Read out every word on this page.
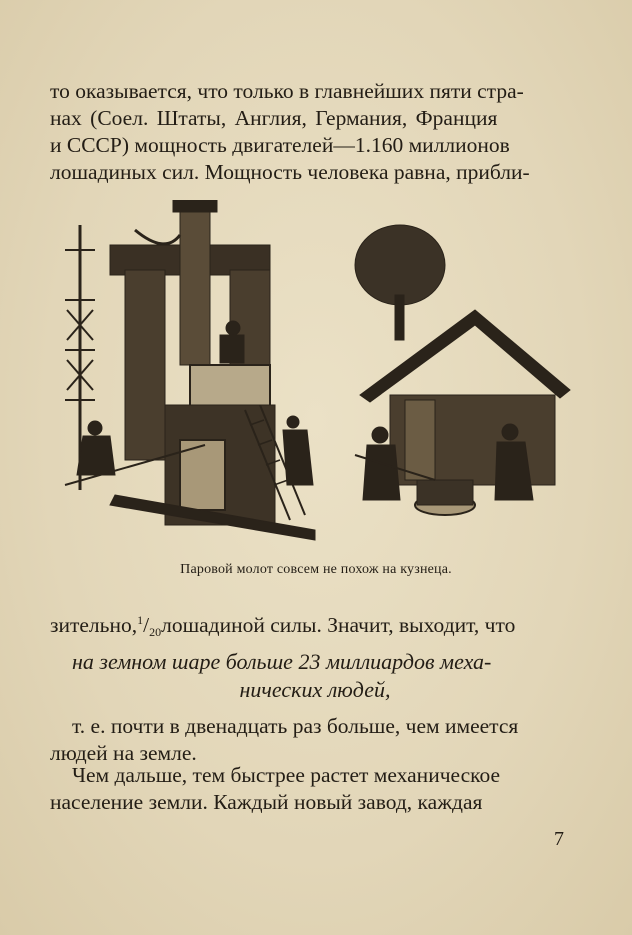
то оказывается, что только в главнейших пяти стра-
нах (Соел. Штаты, Англия, Германия, Франция
и СССР) мощность двигателей—1.160 миллионов
лошадиных сил. Мощность человека равна, прибли-
Паровой молот совсем не похож на кузнеца.
$зительно,^1/_{20}лошадиной$ силы. Значит, выходит, что
на земном шаре больше 23 миллиардов меха-
нических людей,
т. е. почти в двенадцать раз больше, чем имеется
людей на земле.
Чем дальше, тем быстрее растет механическое
население земли. Каждый новый завод, каждая
7
